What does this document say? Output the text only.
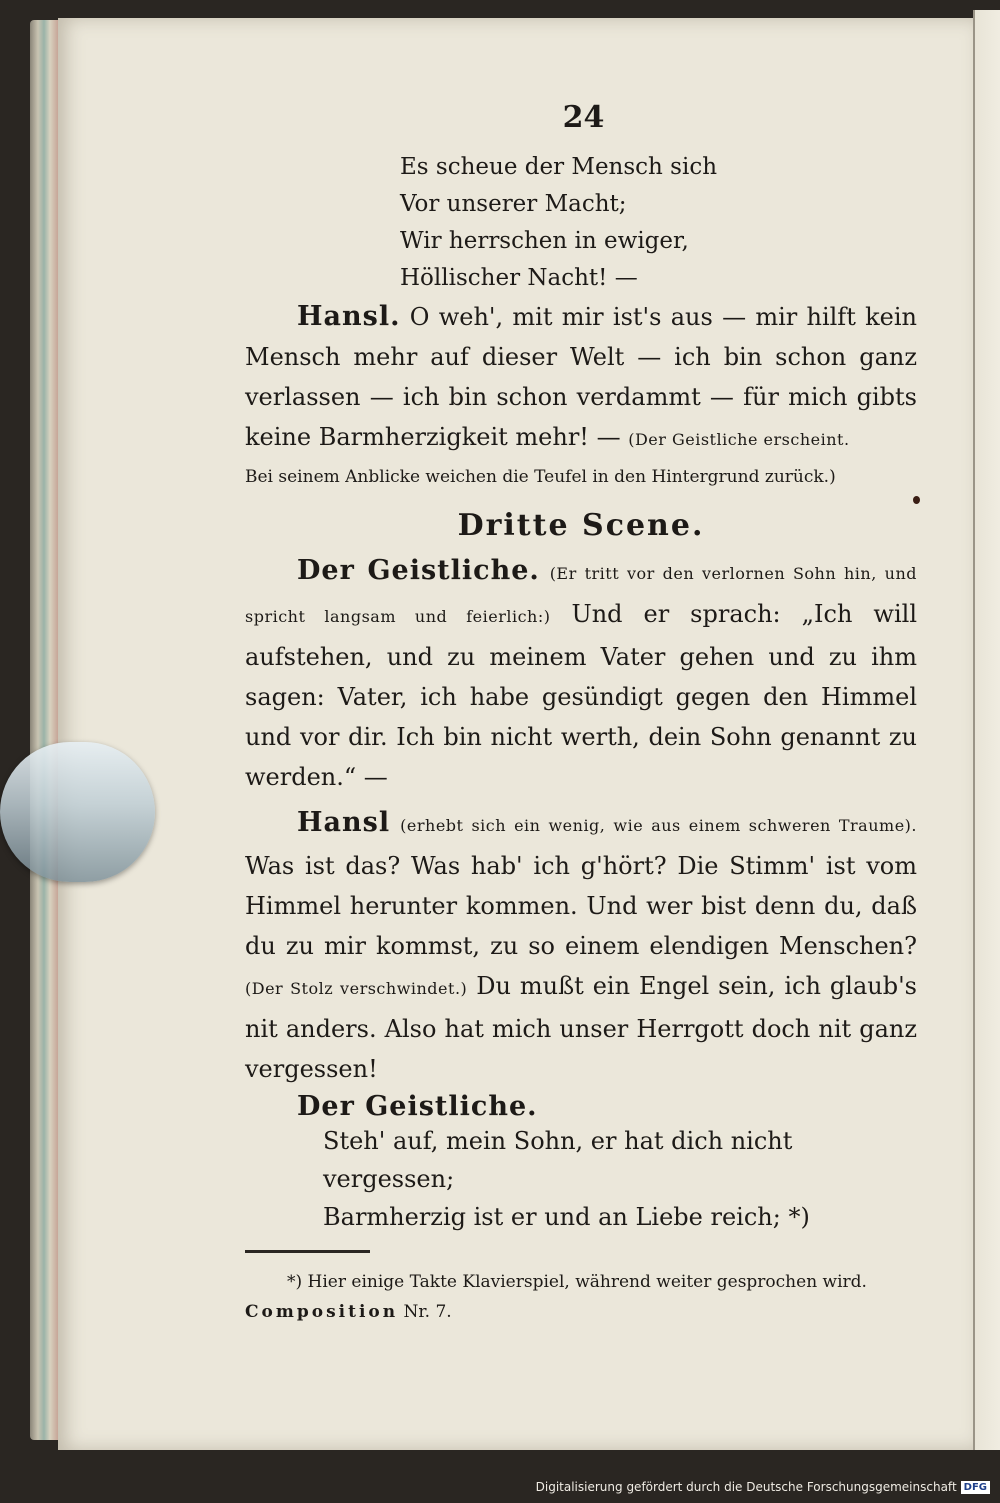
24
Es scheue der Mensch sich
Vor unserer Macht;
Wir herrschen in ewiger,
Höllischer Nacht! —

Hansl. O weh', mit mir ist's aus — mir hilft kein Mensch mehr auf dieser Welt — ich bin schon ganz verlassen — ich bin schon verdammt — für mich gibts keine Barmherzigkeit mehr! — (Der Geistliche erscheint.

Bei seinem Anblicke weichen die Teufel in den Hintergrund zurück.)
Dritte Scene.

Der Geistliche. (Er tritt vor den verlornen Sohn hin, und spricht langsam und feierlich:) Und er sprach: „Ich will aufstehen, und zu meinem Vater gehen und zu ihm sagen: Vater, ich habe gesündigt gegen den Himmel und vor dir. Ich bin nicht werth, dein Sohn genannt zu werden.“ —

Hansl (erhebt sich ein wenig, wie aus einem schweren Traume). Was ist das? Was hab' ich g'hört? Die Stimm' ist vom Himmel herunter kommen. Und wer bist denn du, daß du zu mir kommst, zu so einem elendigen Menschen? (Der Stolz verschwindet.) Du mußt ein Engel sein, ich glaub's nit anders. Also hat mich unser Herrgott doch nit ganz vergessen!

Der Geistliche.
Steh' auf, mein Sohn, er hat dich nicht vergessen;
Barmherzig ist er und an Liebe reich; *)
*) Hier einige Takte Klavierspiel, während weiter gesprochen wird.
Composition Nr. 7.
Digitalisierung gefördert durch die Deutsche Forschungsgemeinschaft DFG
